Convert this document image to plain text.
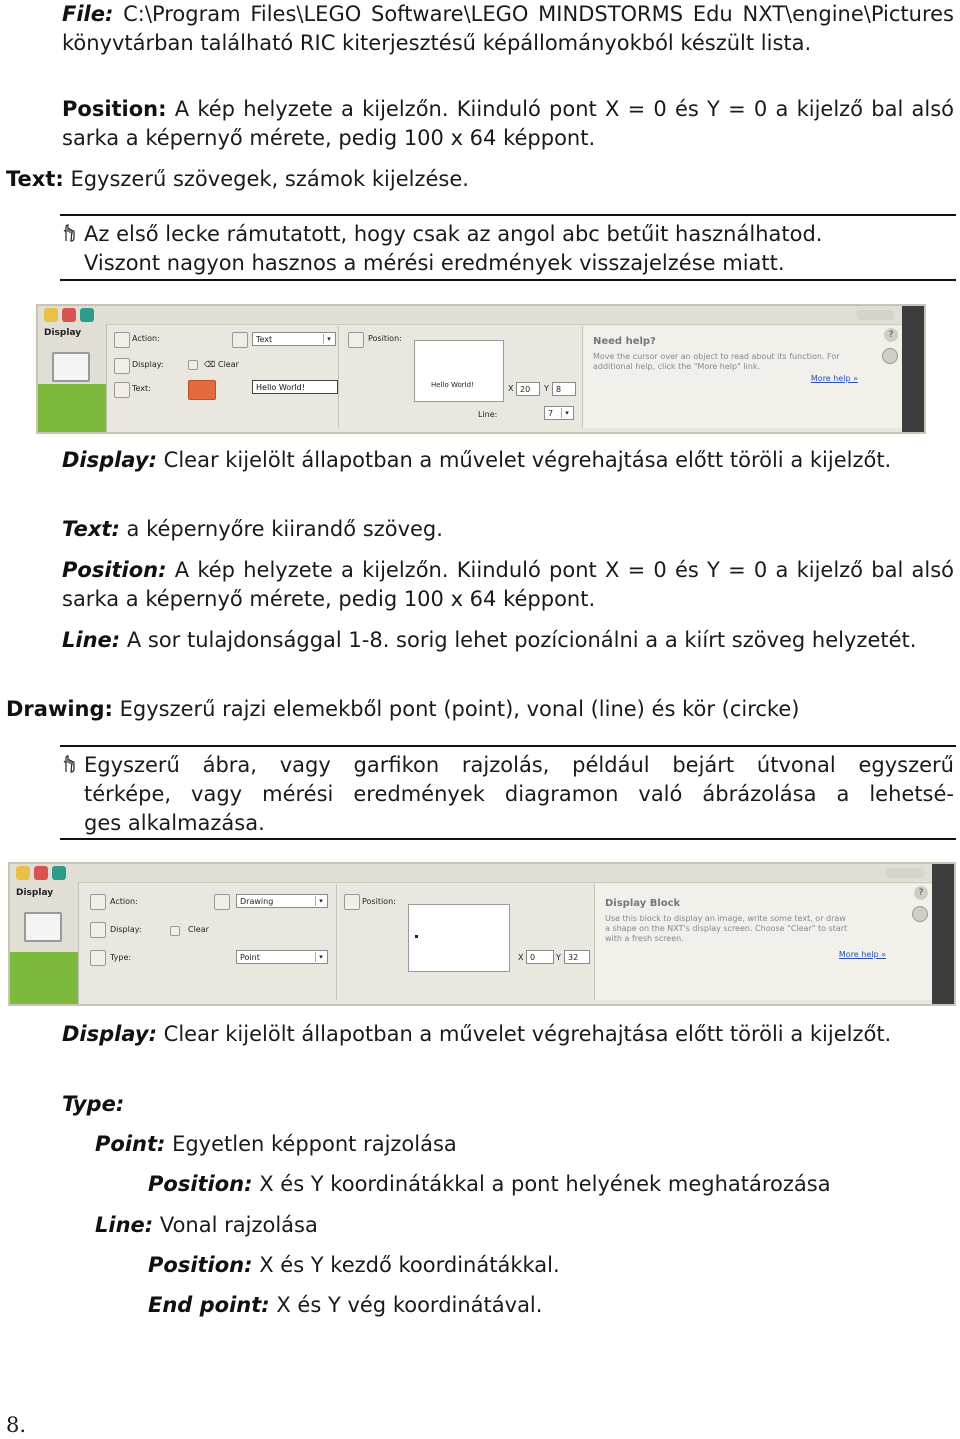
File: C:\Program Files\LEGO Software\LEGO MINDSTORMS Edu NXT\engine\Pictures könyvtárban található RIC kiterjesztésű képállományokból készült lista.
Position: A kép helyzete a kijelzőn. Kiinduló pont X = 0 és Y = 0 a kijelző bal alsó sarka a képernyő mérete, pedig 100 x 64 képpont.
Text: Egyszerű szövegek, számok kijelzése.
Az első lecke rámutatott, hogy csak az angol abc betűit használhatod.
Viszont nagyon hasznos a mérési eredmények visszajelzése miatt.
Display
Action:	Text	▾
Display:	⌫ Clear
Text:	Hello World!
Position:
Hello World!	X 20	Y 8
Line:	7	▾
Need help?
Move the cursor over an object to read about its function. For
additional help, click the "More help" link.
More help »
?
Display: Clear kijelölt állapotban a művelet végrehajtása előtt töröli a kijelzőt.
Text: a képernyőre kiirandő szöveg.
Position: A kép helyzete a kijelzőn. Kiinduló pont X = 0 és Y = 0 a kijelző bal alsó sarka a képernyő mérete, pedig 100 x 64 képpont.
Line: A sor tulajdonsággal 1-8. sorig lehet pozícionálni a a kiírt szöveg helyzetét.
Drawing: Egyszerű rajzi elemekből pont (point), vonal (line) és kör (circke)
Egyszerű ábra, vagy garfikon rajzolás, például bejárt útvonal egyszerű
térképe, vagy mérési eredmények diagramon való ábrázolása a lehetsé-
ges alkalmazása.
Display
Action:	Drawing	▾
Display:	Clear
Type:	Point	▾
Position:
X 0	Y 32
Display Block
Use this block to display an image, write some text, or draw
a shape on the NXT's display screen. Choose "Clear" to start
with a fresh screen.
More help »
?
Display: Clear kijelölt állapotban a művelet végrehajtása előtt töröli a kijelzőt.
Type:
Point: Egyetlen képpont rajzolása
Position: X és Y koordinátákkal a pont helyének meghatározása
Line: Vonal rajzolása
Position: X és Y kezdő koordinátákkal.
End point: X és Y vég koordinátával.
8.
